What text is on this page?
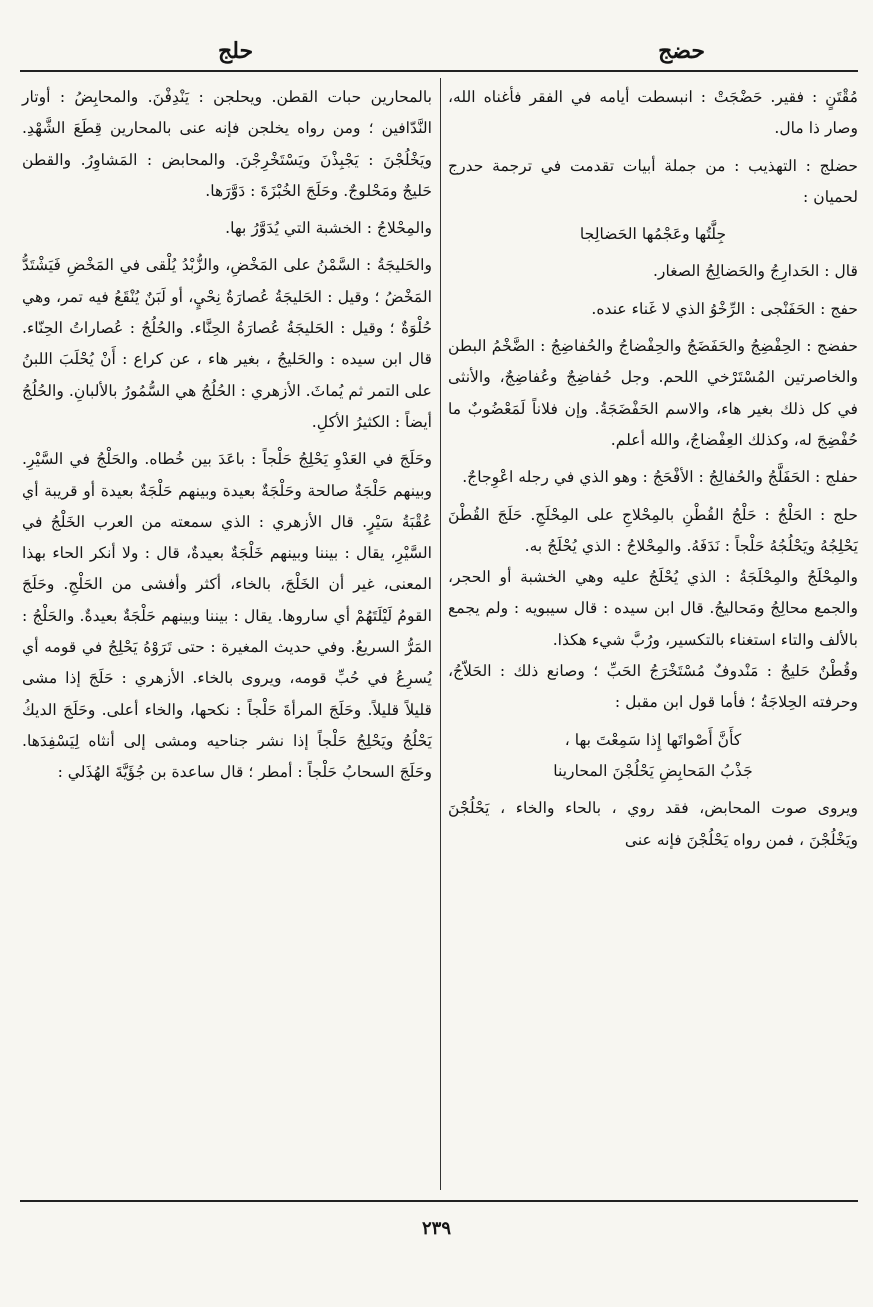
حضج
حلج

مُقْتَنٍ : فقير. حَضْجَتْ : انبسطت أيامه في الفقر فأغناه الله، وصار ذا مال.

حضلج : التهذيب : من جملة أبيات تقدمت في ترجمة حدرج لحميان :

جِلَّتُها وعَجْمُها الحَضالِجا

قال : الحَدارِجُ والحَضالِجُ الصغار.

حفج : الحَفَنْجى : الرِّخْوُ الذي لا غَناء عنده.

حفضج : الحِفْضِجُ والحَفَضَجُ والحِفْضاجُ والحُفاضِجُ : الضَّخْمُ البطن والخاصرتين المُسْتَرْخي اللحم. وجل حُفاضِجٌ وعُفاضِجٌ، والأنثى في كل ذلك بغير هاء، والاسم الحَفْضَجَةُ. وإن فلاناً لَمَعْضُوبٌ ما حُفْضِجَ له، وكذلك العِفْضاجُ، والله أعلم.

حفلج : الحَفَلَّجُ والحُفالِجُ : الأفْحَجُ : وهو الذي في رجله اعْوِجاجٌ.

حلج : الحَلْجُ : حَلْجُ القُطْنِ بالمِحْلاجِ على المِحْلَجِ. حَلَجَ القُطْنَ يَحْلِجُهُ ويَحْلُجُهُ حَلْجاً : نَدَفَهُ. والمِحْلاجُ : الذي يُحْلَجُ به.

والمِحْلَجُ والمِحْلَجَةُ : الذي يُحْلَجُ عليه وهي الخشبة أو الحجر، والجمع محالِجُ ومَحاليجُ. قال ابن سيده : قال سيبويه : ولم يجمع بالألف والتاء استغناء بالتكسير، ورُبَّ شيء هكذا.

وقُطْنٌ حَليجٌ : مَنْدوفٌ مُسْتَخْرَجُ الحَبِّ ؛ وصانع ذلك : الحَلاّجُ، وحرفته الحِلاجَةُ ؛ فأما قول ابن مقبل :

كأَنَّ أَصْواتَها إِذا سَمِعْتَ بها ،

جَذْبُ المَحابِضِ يَحْلُجْنَ المحارينا

ويروى صوت المحابض، فقد روي ، بالحاء والخاء ، يَحْلُجْنَ ويَخْلُجْنَ ، فمن رواه يَحْلُجْنَ فإنه عنى

بالمحارين حبات القطن. ويحلجن : يَنْدِفْنَ. والمحابِضُ : أوتار النَّدّافين ؛ ومن رواه يخلجن فإنه عنى بالمحارين قِطَعَ الشَّهْدِ. ويَخْلُجْنَ : يَجْبِذْنَ ويَسْتَخْرِجْنَ. والمحابض : المَشاوِرُ. والقطن حَليجٌ ومَحْلوجٌ. وحَلَجَ الخُبْزَةَ : دَوَّرَها.

والمِحْلاجُ : الخشبة التي يُدَوَّرُ بها.

والحَليجَةُ : السَّمْنُ على المَخْضِ، والزُّبْدُ يُلْقى في المَخْضِ فَيَشْتَدُّ المَخْضُ ؛ وقيل : الحَليجَةُ عُصارَةُ نِحْيٍ، أو لَبَنٌ يُنْقَعُ فيه تمر، وهي حُلْوَةٌ ؛ وقيل : الحَليجَةُ عُصارَةُ الحِنَّاء. والحُلُجُ : عُصاراتُ الحِنّاء. قال ابن سيده : والحَليجُ ، بغير هاء ، عن كراع : أَنْ يُحْلَبَ اللبنُ على التمر ثم يُماثَ. الأزهري : الحُلُجُ هي السُّمُورُ بالألبانِ. والحُلُجُ أيضاً : الكثيرُ الأكلِ.

وحَلَجَ في العَدْوِ يَحْلِجُ حَلْجاً : باعَدَ بين خُطاه. والحَلْجُ في السَّيْرِ. وبينهم حَلْجَةٌ صالحة وحَلْجَةٌ بعيدة وبينهم حَلْجَةٌ بعيدة أو قريبة أي عُقْبَةُ سَيْرٍ. قال الأزهري : الذي سمعته من العرب الخَلْجُ في السَّيْرِ، يقال : بيننا وبينهم خَلْجَةٌ بعيدةٌ، قال : ولا أنكر الحاء بهذا المعنى، غير أن الخَلْجَ، بالخاء، أكثر وأفشى من الحَلْجِ. وحَلَجَ القومُ لَيْلَتَهُمْ أي ساروها. يقال : بيننا وبينهم حَلْجَةٌ بعيدةٌ. والحَلْجُ : المَرُّ السريعُ. وفي حديث المغيرة : حتى تَرَوْهُ يَحْلِجُ في قومه أي يُسرِعُ في حُبِّ قومه، ويروى بالخاء. الأزهري : حَلَجَ إذا مشى قليلاً قليلاً. وحَلَجَ المرأةَ حَلْجاً : نكحها، والخاء أعلى. وحَلَجَ الديكُ يَحْلُجُ ويَحْلِجُ حَلْجاً إذا نشر جناحيه ومشى إلى أنثاه لِيَسْفِدَها. وحَلَجَ السحابُ حَلْجاً : أمطر ؛ قال ساعدة بن جُؤَيَّةَ الهُذَلي :

٢٣٩
